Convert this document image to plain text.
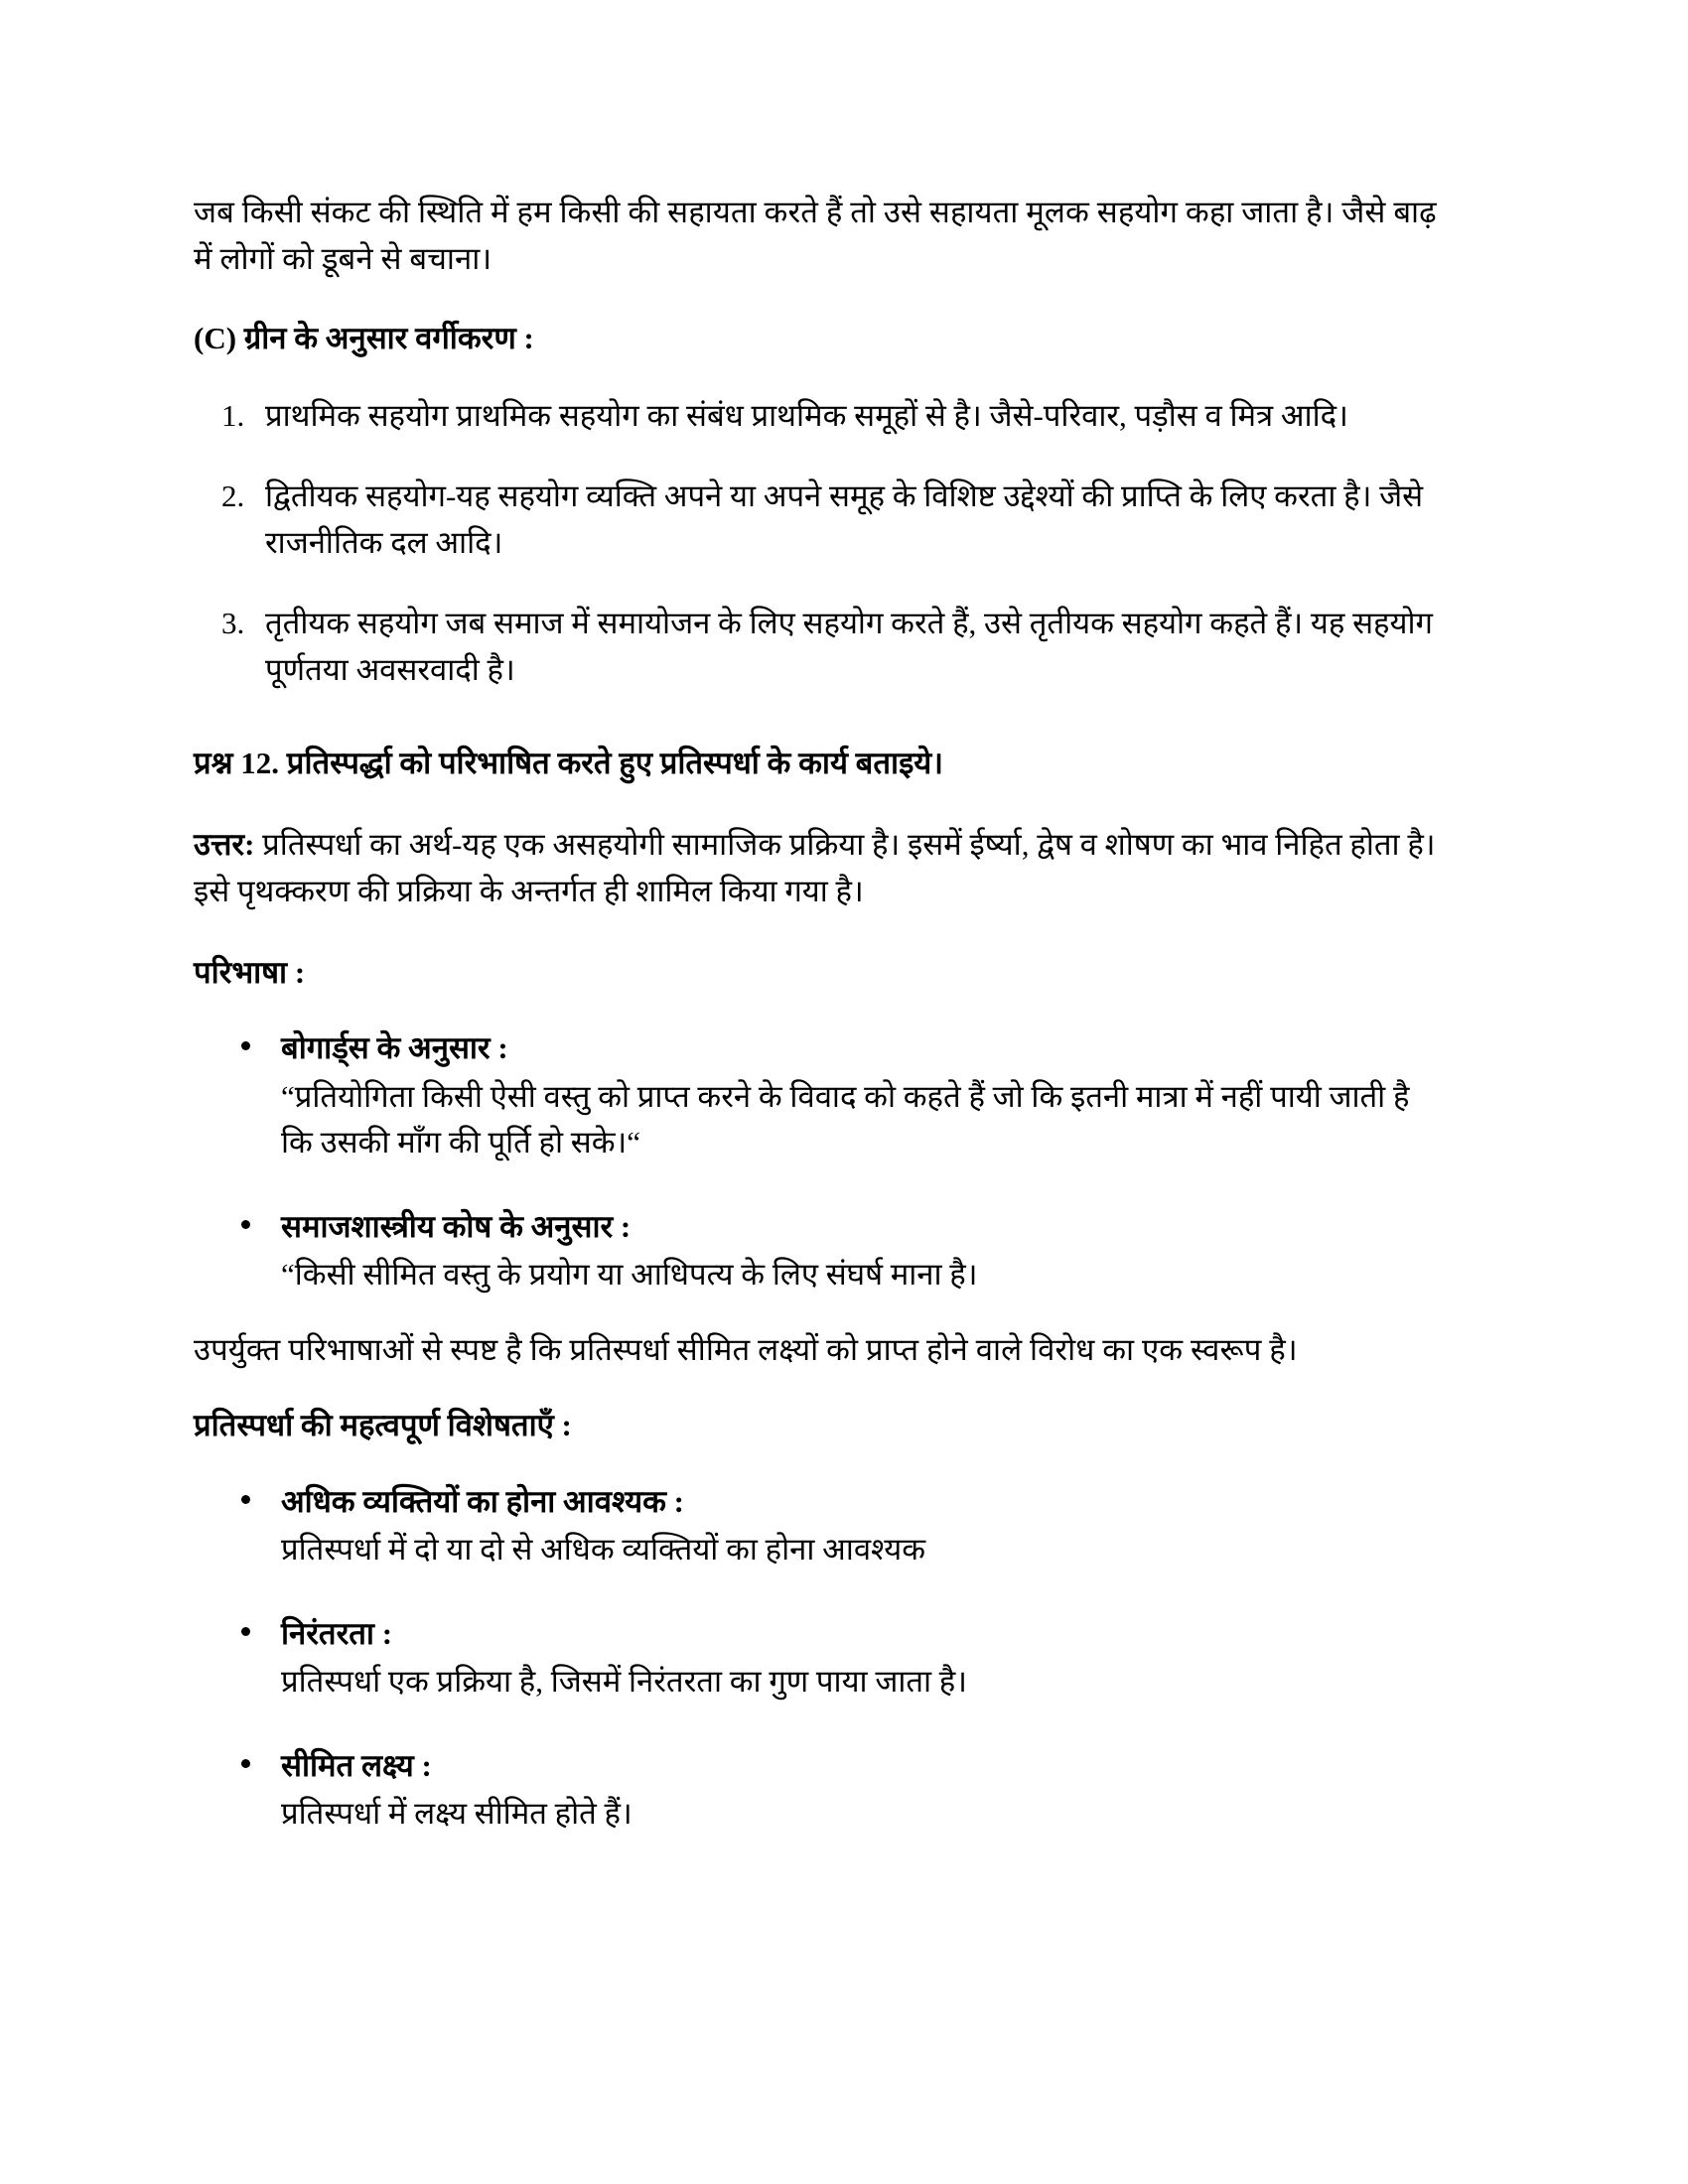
जब किसी संकट की स्थिति में हम किसी की सहायता करते हैं तो उसे सहायता मूलक सहयोग कहा जाता है। जैसे बाढ़ में लोगों को डूबने से बचाना।

(C) ग्रीन के अनुसार वर्गीकरण :
1. प्राथमिक सहयोग प्राथमिक सहयोग का संबंध प्राथमिक समूहों से है। जैसे-परिवार, पड़ौस व मित्र आदि।
2. द्वितीयक सहयोग-यह सहयोग व्यक्ति अपने या अपने समूह के विशिष्ट उद्देश्यों की प्राप्ति के लिए करता है। जैसे राजनीतिक दल आदि।
3. तृतीयक सहयोग जब समाज में समायोजन के लिए सहयोग करते हैं, उसे तृतीयक सहयोग कहते हैं। यह सहयोग पूर्णतया अवसरवादी है।
प्रश्न 12. प्रतिस्पर्द्धा को परिभाषित करते हुए प्रतिस्पर्धा के कार्य बताइये।

उत्तर: प्रतिस्पर्धा का अर्थ-यह एक असहयोगी सामाजिक प्रक्रिया है। इसमें ईर्ष्या, द्वेष व शोषण का भाव निहित होता है। इसे पृथक्करण की प्रक्रिया के अन्तर्गत ही शामिल किया गया है।

परिभाषा :
बोगार्ड्स के अनुसार :
“प्रतियोगिता किसी ऐसी वस्तु को प्राप्त करने के विवाद को कहते हैं जो कि इतनी मात्रा में नहीं पायी जाती है कि उसकी माँग की पूर्ति हो सके।“
समाजशास्त्रीय कोष के अनुसार :
“किसी सीमित वस्तु के प्रयोग या आधिपत्य के लिए संघर्ष माना है।

उपर्युक्त परिभाषाओं से स्पष्ट है कि प्रतिस्पर्धा सीमित लक्ष्यों को प्राप्त होने वाले विरोध का एक स्वरूप है।

प्रतिस्पर्धा की महत्वपूर्ण विशेषताएँ :
अधिक व्यक्तियों का होना आवश्यक :
प्रतिस्पर्धा में दो या दो से अधिक व्यक्तियों का होना आवश्यक
निरंतरता :
प्रतिस्पर्धा एक प्रक्रिया है, जिसमें निरंतरता का गुण पाया जाता है।
सीमित लक्ष्य :
प्रतिस्पर्धा में लक्ष्य सीमित होते हैं।
